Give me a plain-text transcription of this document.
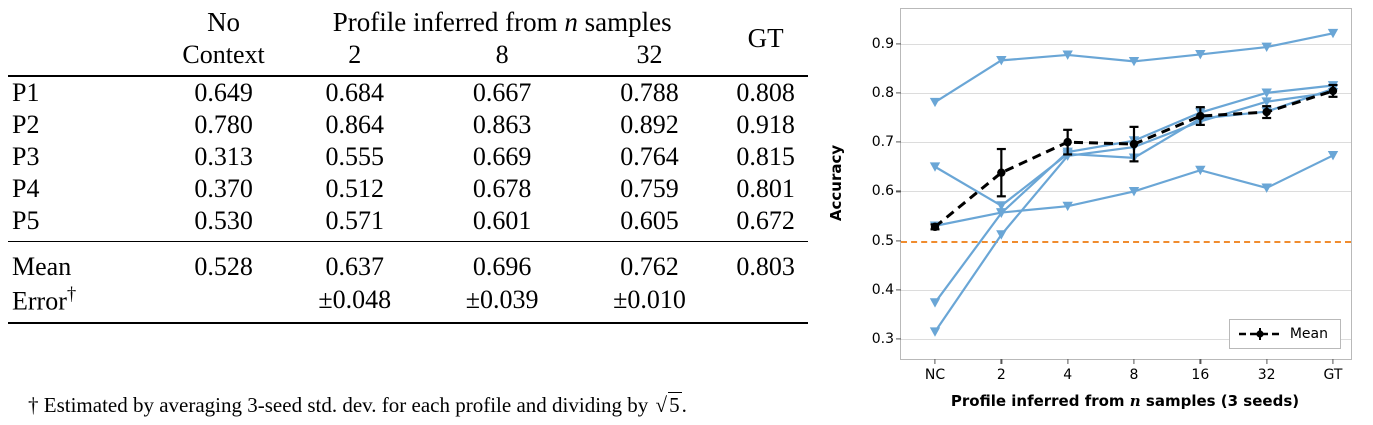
	No	Profile inferred from n samples			GT
	Context	2	8	32	

P1	0.649	0.684	0.667	0.788	0.808
P2	0.780	0.864	0.863	0.892	0.918
P3	0.313	0.555	0.669	0.764	0.815
P4	0.370	0.512	0.678	0.759	0.801
P5	0.530	0.571	0.601	0.605	0.672

Mean	0.528	0.637	0.696	0.762	0.803
Error†		±0.048	±0.039	±0.010	

† Estimated by averaging 3-seed std. dev. for each profile and dividing by √5.
Accuracy
0.3
0.4
0.5
0.6
0.7
0.8
0.9
NC	2	4	8	16	32	GT
Mean
Profile inferred from n samples (3 seeds)
